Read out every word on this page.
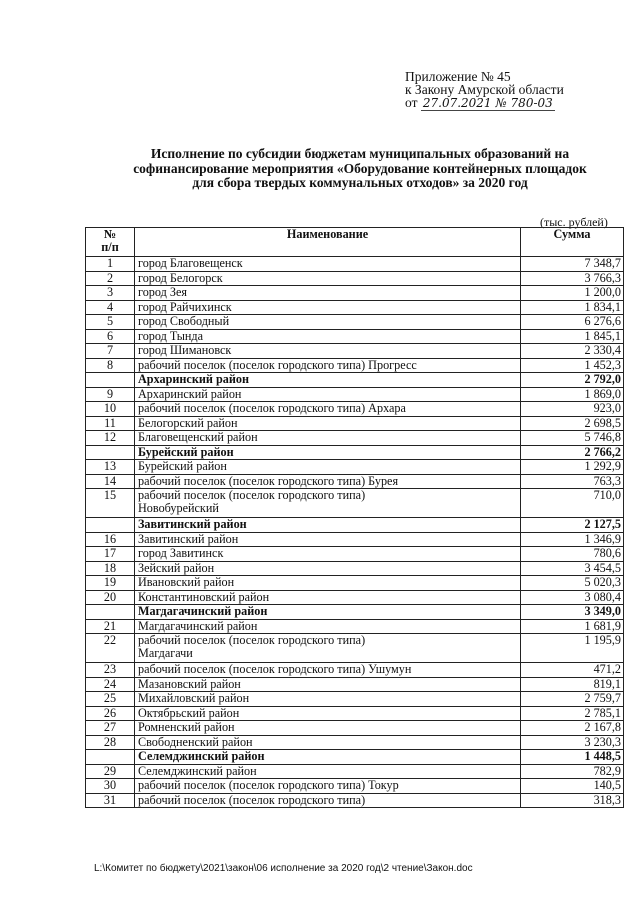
Приложение № 45
к Закону Амурской области
от 27.07.2021 № 780-03
Исполнение по субсидии бюджетам муниципальных образований на
софинансирование мероприятия «Оборудование контейнерных площадок
для сбора твердых коммунальных отходов» за 2020 год
(тыс. рублей)
№
п/п	Наименование	Сумма
1	город Благовещенск	7 348,7
2	город Белогорск	3 766,3
3	город Зея	1 200,0
4	город Райчихинск	1 834,1
5	город Свободный	6 276,6
6	город Тында	1 845,1
7	город Шимановск	2 330,4
8	рабочий поселок (поселок городского типа) Прогресс	1 452,3
	Архаринский район	2 792,0
9	Архаринский район	1 869,0
10	рабочий поселок (поселок городского типа) Архара	923,0
11	Белогорский район	2 698,5
12	Благовещенский район	5 746,8
	Бурейский район	2 766,2
13	Бурейский район	1 292,9
14	рабочий поселок (поселок городского типа) Бурея	763,3
15	рабочий поселок (поселок городского типа)
Новобурейский	710,0
	Завитинский район	2 127,5
16	Завитинский район	1 346,9
17	город Завитинск	780,6
18	Зейский район	3 454,5
19	Ивановский район	5 020,3
20	Константиновский район	3 080,4
	Магдагачинский район	3 349,0
21	Магдагачинский район	1 681,9
22	рабочий поселок (поселок городского типа)
Магдагачи	1 195,9
23	рабочий поселок (поселок городского типа) Ушумун	471,2
24	Мазановский район	819,1
25	Михайловский район	2 759,7
26	Октябрьский район	2 785,1
27	Ромненский район	2 167,8
28	Свободненский район	3 230,3
	Селемджинский район	1 448,5
29	Селемджинский район	782,9
30	рабочий поселок (поселок городского типа) Токур	140,5
31	рабочий поселок (поселок городского типа)	318,3
L:\Комитет по бюджету\2021\закон\06 исполнение за 2020 год\2 чтение\Закон.doc
